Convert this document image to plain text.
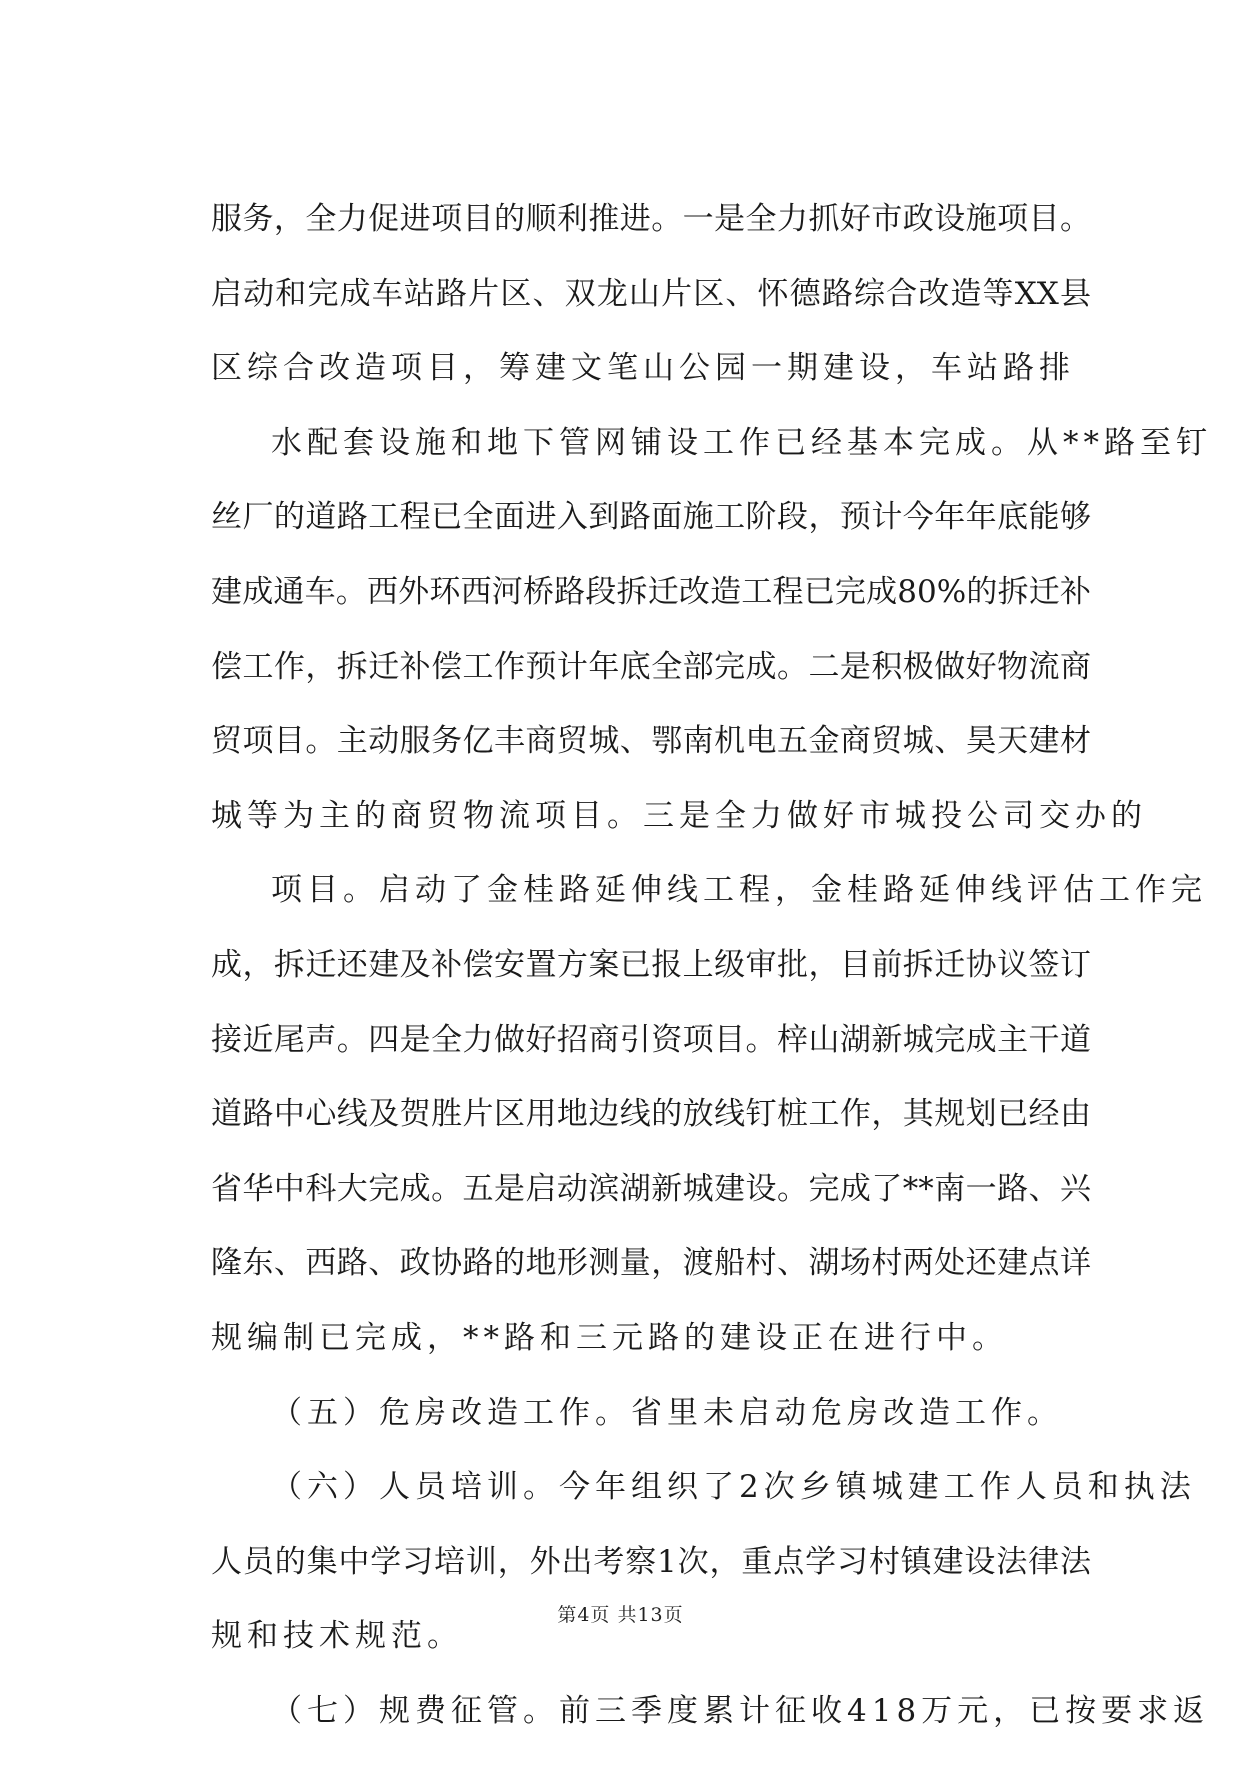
服务，全力促进项目的顺利推进。一是全力抓好市政设施项目。
启动和完成车站路片区、双龙山片区、怀德路综合改造等XX县
区综合改造项目，筹建文笔山公园一期建设，车站路排
水配套设施和地下管网铺设工作已经基本完成。从**路至钉
丝厂的道路工程已全面进入到路面施工阶段，预计今年年底能够
建成通车。西外环西河桥路段拆迁改造工程已完成80%的拆迁补
偿工作，拆迁补偿工作预计年底全部完成。二是积极做好物流商
贸项目。主动服务亿丰商贸城、鄂南机电五金商贸城、昊天建材
城等为主的商贸物流项目。三是全力做好市城投公司交办的
项目。启动了金桂路延伸线工程，金桂路延伸线评估工作完
成，拆迁还建及补偿安置方案已报上级审批，目前拆迁协议签订
接近尾声。四是全力做好招商引资项目。梓山湖新城完成主干道
道路中心线及贺胜片区用地边线的放线钉桩工作，其规划已经由
省华中科大完成。五是启动滨湖新城建设。完成了**南一路、兴
隆东、西路、政协路的地形测量，渡船村、湖场村两处还建点详
规编制已完成，**路和三元路的建设正在进行中。
（五）危房改造工作。省里未启动危房改造工作。
（六）人员培训。今年组织了2次乡镇城建工作人员和执法
人员的集中学习培训，外出考察1次，重点学习村镇建设法律法
规和技术规范。
（七）规费征管。前三季度累计征收418万元，已按要求返
第4页 共13页
